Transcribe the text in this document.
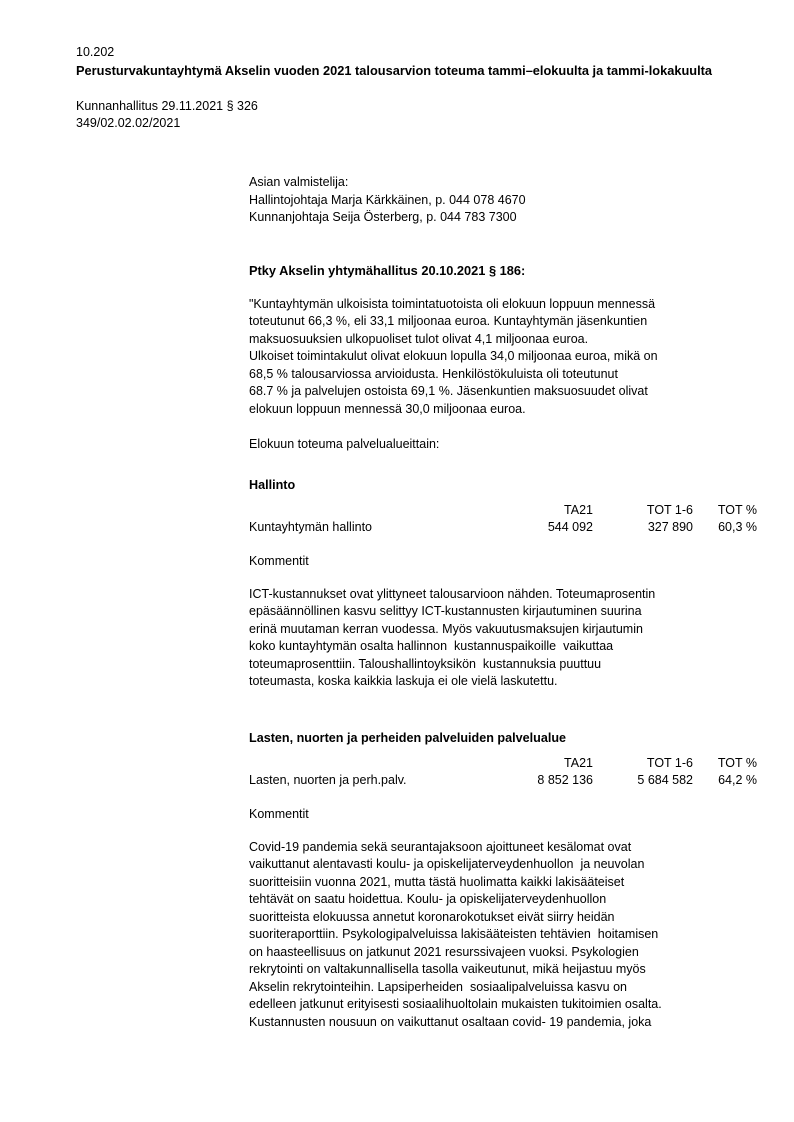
10.202
Perusturvakuntayhtymä Akselin vuoden 2021 talousarvion toteuma tammi–elokuulta ja tammi-lokakuulta
Kunnanhallitus 29.11.2021 § 326
349/02.02.02/2021
Asian valmistelija:
Hallintojohtaja Marja Kärkkäinen, p. 044 078 4670
Kunnanjohtaja Seija Österberg, p. 044 783 7300
Ptky Akselin yhtymähallitus 20.10.2021 § 186:
"Kuntayhtymän ulkoisista toimintatuotoista oli elokuun loppuun mennessä
toteutunut 66,3 %, eli 33,1 miljoonaa euroa. Kuntayhtymän jäsenkuntien
maksuosuuksien ulkopuoliset tulot olivat 4,1 miljoonaa euroa.
Ulkoiset toimintakulut olivat elokuun lopulla 34,0 miljoonaa euroa, mikä on
68,5 % talousarviossa arvioidusta. Henkilöstökuluista oli toteutunut
68.7 % ja palvelujen ostoista 69,1 %. Jäsenkuntien maksuosuudet olivat
elokuun loppuun mennessä 30,0 miljoonaa euroa.
Elokuun toteuma palvelualueittain:
Hallinto
	TA21	TOT 1-6	TOT %
Kuntayhtymän hallinto	544 092	327 890	60,3 %
Kommentit
ICT-kustannukset ovat ylittyneet talousarvioon nähden. Toteumaprosentin
epäsäännöllinen kasvu selittyy ICT-kustannusten kirjautuminen suurina
erinä muutaman kerran vuodessa. Myös vakuutusmaksujen kirjautumin
koko kuntayhtymän osalta hallinnon  kustannuspaikoille  vaikuttaa
toteumaprosenttiin. Taloushallintoyksikön  kustannuksia puuttuu
toteumasta, koska kaikkia laskuja ei ole vielä laskutettu.
Lasten, nuorten ja perheiden palveluiden palvelualue
	TA21	TOT 1-6	TOT %
Lasten, nuorten ja perh.palv.	8 852 136	5 684 582	64,2 %
Kommentit
Covid-19 pandemia sekä seurantajaksoon ajoittuneet kesälomat ovat
vaikuttanut alentavasti koulu- ja opiskelijaterveydenhuollon  ja neuvolan
suoritteisiin vuonna 2021, mutta tästä huolimatta kaikki lakisääteiset
tehtävät on saatu hoidettua. Koulu- ja opiskelijaterveydenhuollon
suoritteista elokuussa annetut koronarokotukset eivät siirry heidän
suoriteraporttiin. Psykologipalveluissa lakisääteisten tehtävien  hoitamisen
on haasteellisuus on jatkunut 2021 resurssivajeen vuoksi. Psykologien
rekrytointi on valtakunnallisella tasolla vaikeutunut, mikä heijastuu myös
Akselin rekrytointeihin. Lapsiperheiden  sosiaalipalveluissa kasvu on
edelleen jatkunut erityisesti sosiaalihuoltolain mukaisten tukitoimien osalta.
Kustannusten nousuun on vaikuttanut osaltaan covid- 19 pandemia, joka
